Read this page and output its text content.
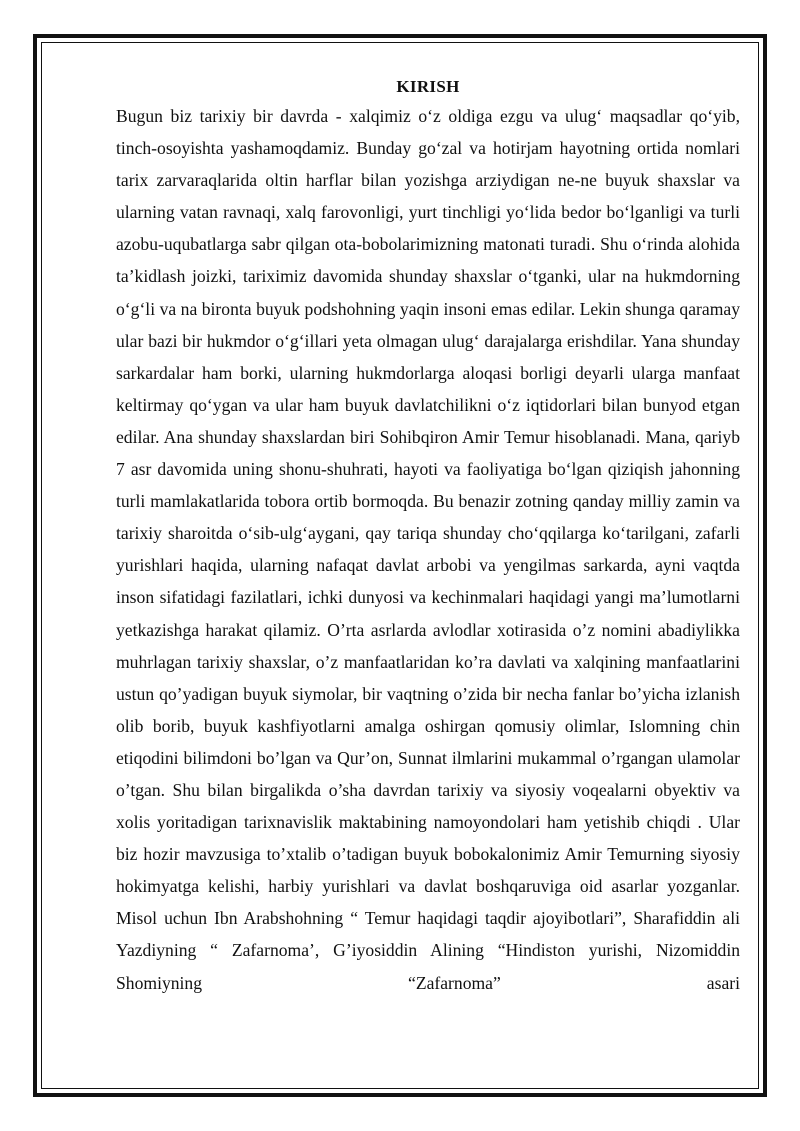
KIRISH

Bugun biz tarixiy bir davrda - xalqimiz o‘z oldiga ezgu va ulug‘ maqsadlar qo‘yib, tinch-osoyishta yashamoqdamiz. Bunday go‘zal va hotirjam hayotning ortida nomlari tarix zarvaraqlarida oltin harflar bilan yozishga arziydigan ne-ne buyuk shaxslar va ularning vatan ravnaqi, xalq farovonligi, yurt tinchligi yo‘lida bedor bo‘lganligi va turli azobu-uqubatlarga sabr qilgan ota-bobolarimizning matonati turadi. Shu o‘rinda alohida ta’kidlash joizki, tariximiz davomida shunday shaxslar o‘tganki, ular na hukmdorning o‘g‘li va na bironta buyuk podshohning yaqin insoni emas edilar. Lekin shunga qaramay ular bazi bir hukmdor o‘g‘illari yeta olmagan ulug‘ darajalarga erishdilar. Yana shunday sarkardalar ham borki, ularning hukmdorlarga aloqasi borligi deyarli ularga manfaat keltirmay qo‘ygan va ular ham buyuk davlatchilikni o‘z iqtidorlari bilan bunyod etgan edilar. Ana shunday shaxslardan biri Sohibqiron Amir Temur hisoblanadi. Mana, qariyb 7 asr davomida uning shonu-shuhrati, hayoti va faoliyatiga bo‘lgan qiziqish jahonning turli mamlakatlarida tobora ortib bormoqda. Bu benazir zotning qanday milliy zamin va tarixiy sharoitda o‘sib-ulg‘aygani, qay tariqa shunday cho‘qqilarga ko‘tarilgani, zafarli yurishlari haqida, ularning nafaqat davlat arbobi va yengilmas sarkarda, ayni vaqtda inson sifatidagi fazilatlari, ichki dunyosi va kechinmalari haqidagi yangi ma’lumotlarni yetkazishga harakat qilamiz. O’rta asrlarda avlodlar xotirasida o’z nomini abadiylikka muhrlagan tarixiy shaxslar, o’z manfaatlaridan ko’ra davlati va xalqining manfaatlarini ustun qo’yadigan buyuk siymolar, bir vaqtning o’zida bir necha fanlar bo’yicha izlanish olib borib, buyuk kashfiyotlarni amalga oshirgan qomusiy olimlar, Islomning chin etiqodini bilimdoni bo’lgan va Qur’on, Sunnat ilmlarini mukammal o’rgangan ulamolar o’tgan. Shu bilan birgalikda o’sha davrdan tarixiy va siyosiy voqealarni obyektiv va xolis yoritadigan tarixnavislik maktabining namoyondolari ham yetishib chiqdi . Ular biz hozir mavzusiga to’xtalib o’tadigan buyuk bobokalonimiz Amir Temurning siyosiy hokimyatga kelishi, harbiy yurishlari va davlat boshqaruviga oid asarlar yozganlar. Misol uchun Ibn Arabshohning “ Temur haqidagi taqdir ajoyibotlari”, Sharafiddin ali Yazdiyning “ Zafarnoma’, G’iyosiddin Alining “Hindiston yurishi, Nizomiddin Shomiyning “Zafarnoma” asari
